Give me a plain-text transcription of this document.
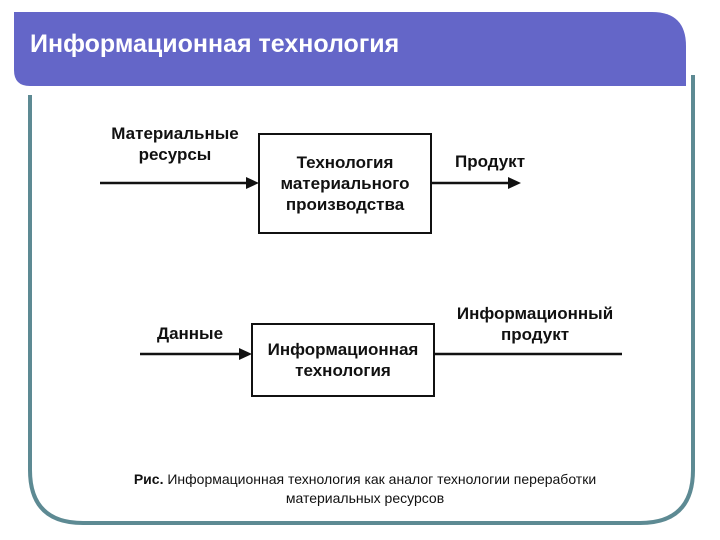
Информационная технология
Материальные
ресурсы	Технология
материального
производства
Продукт
Данные
Информационная
технология
Информационный
продукт
Рис. Информационная технология как аналог технологии переработки
материальных ресурсов
